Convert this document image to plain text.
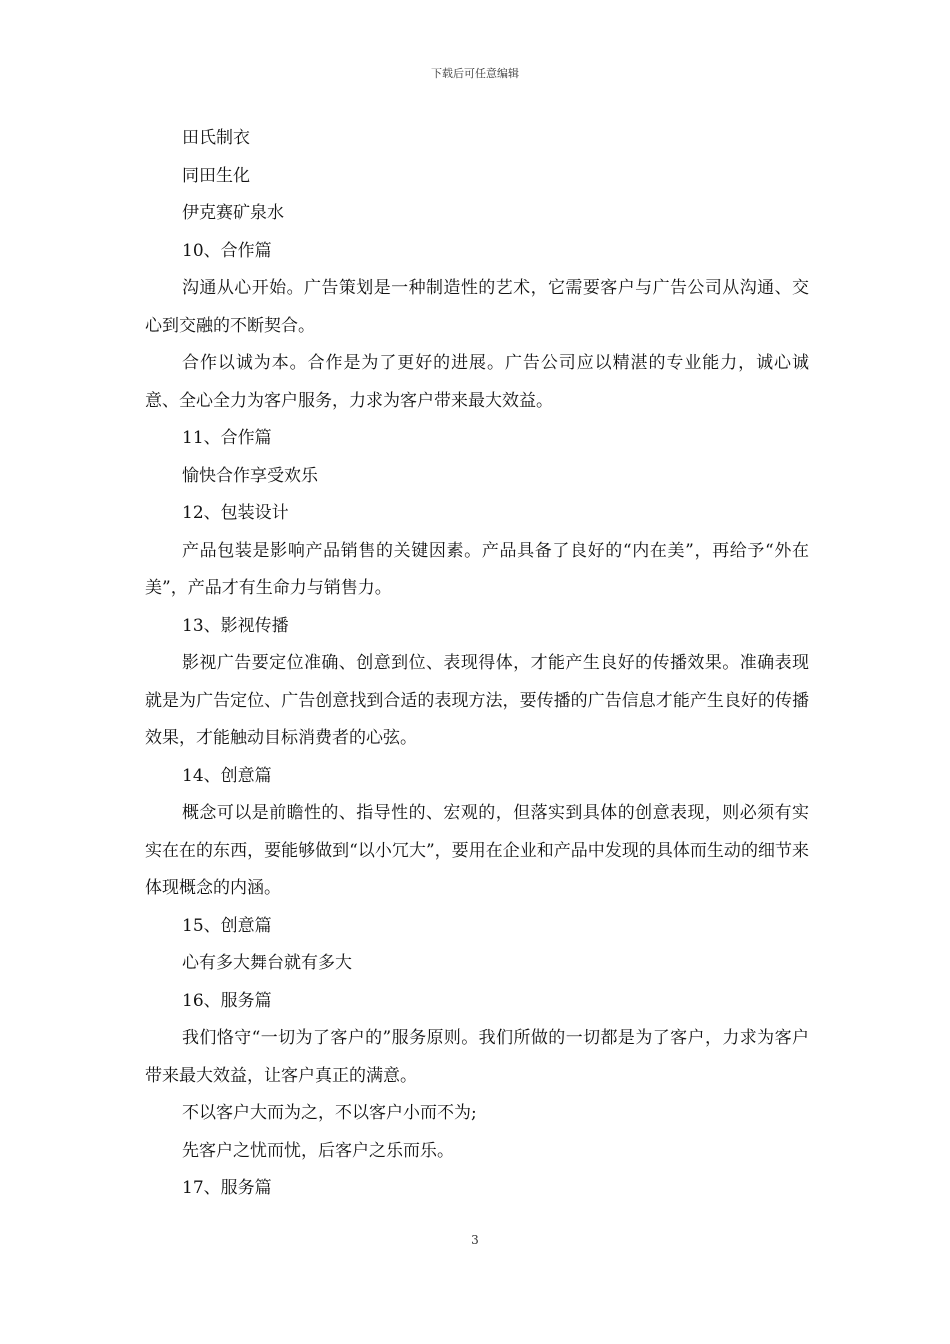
下载后可任意编辑

田氏制衣

同田生化

伊克赛矿泉水

10、合作篇

沟通从心开始。广告策划是一种制造性的艺术，它需要客户与广告公司从沟通、交心到交融的不断契合。

合作以诚为本。合作是为了更好的进展。广告公司应以精湛的专业能力，诚心诚意、全心全力为客户服务，力求为客户带来最大效益。

11、合作篇

愉快合作享受欢乐

12、包装设计

产品包装是影响产品销售的关键因素。产品具备了良好的“内在美”，再给予“外在美”，产品才有生命力与销售力。

13、影视传播

影视广告要定位准确、创意到位、表现得体，才能产生良好的传播效果。准确表现就是为广告定位、广告创意找到合适的表现方法，要传播的广告信息才能产生良好的传播效果，才能触动目标消费者的心弦。

14、创意篇

概念可以是前瞻性的、指导性的、宏观的，但落实到具体的创意表现，则必须有实实在在的东西，要能够做到“以小冗大”，要用在企业和产品中发现的具体而生动的细节来体现概念的内涵。

15、创意篇

心有多大舞台就有多大

16、服务篇

我们恪守“一切为了客户的”服务原则。我们所做的一切都是为了客户，力求为客户带来最大效益，让客户真正的满意。

不以客户大而为之，不以客户小而不为;

先客户之忧而忧，后客户之乐而乐。

17、服务篇

3
